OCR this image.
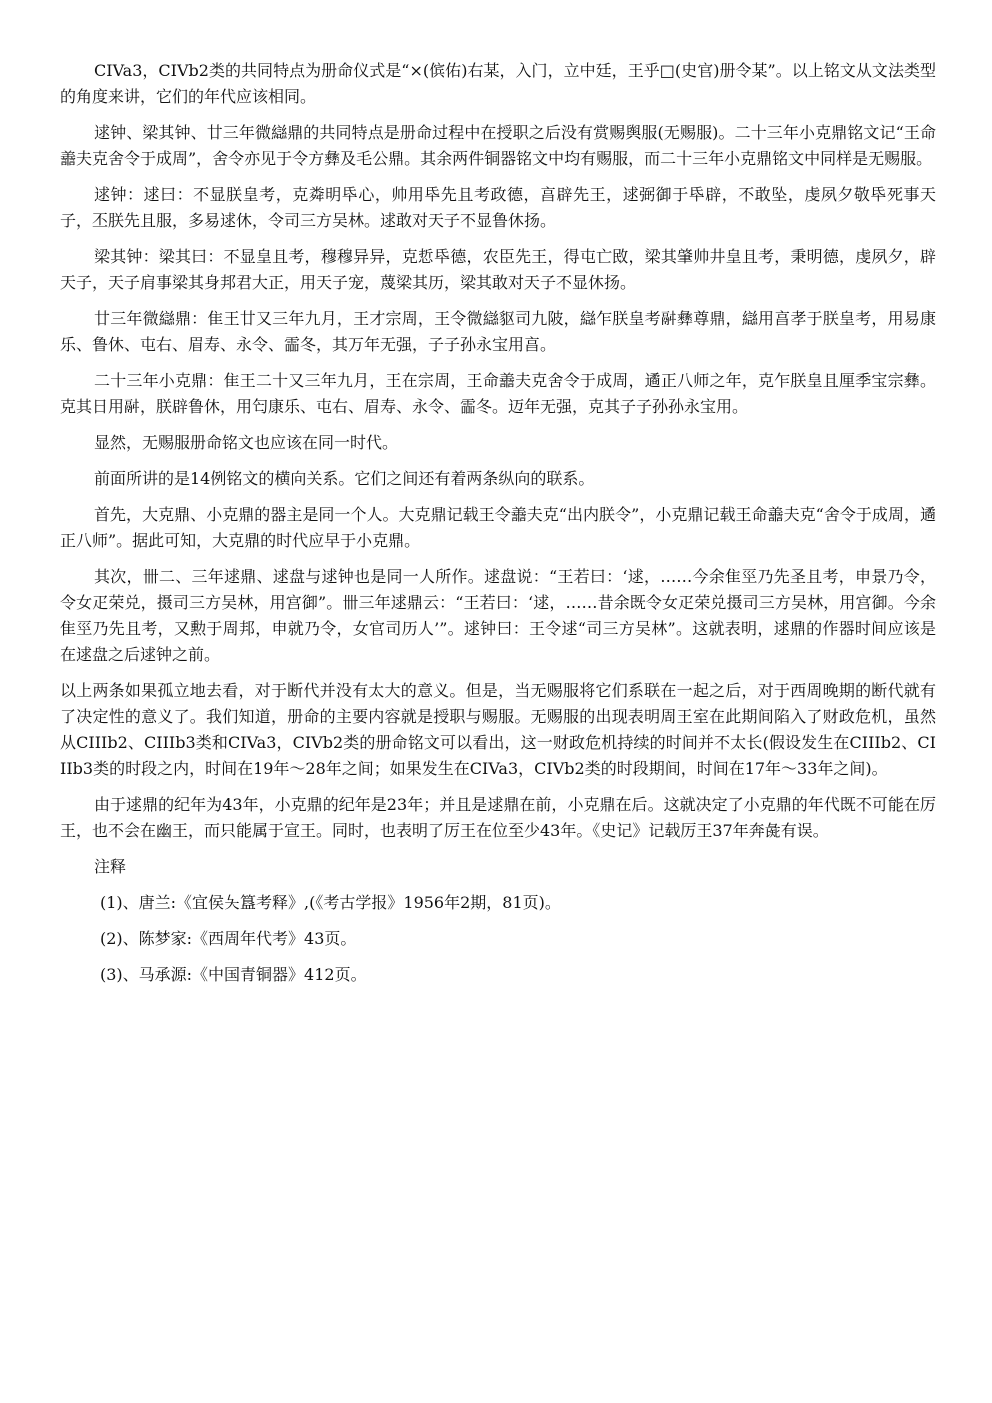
CIVa3，CIVb2类的共同特点为册命仪式是“×(傧佑)右某，入门，立中廷，王乎□(史官)册令某”。以上铭文从文法类型的角度来讲，它们的年代应该相同。

逑钟、梁其钟、廿三年微䜌鼎的共同特点是册命过程中在授职之后没有赏赐舆服(无赐服)。二十三年小克鼎铭文记“王命譱夫克舍令于成周”，舍令亦见于令方彝及毛公鼎。其余两件铜器铭文中均有赐服，而二十三年小克鼎铭文中同样是无赐服。

逑钟：逑曰：不显朕皇考，克粦明氒心，帅用氒先且考政德，亯辟先王，逑弼御于氒辟，不敢坠，虔夙夕敬氒死事天子，丕朕先且服，多易逑休，令司三方吴林。逑敢对天子不显鲁休扬。

梁其钟：梁其曰：不显皇且考，穆穆异异，克悊氒德，农臣先王，得屯亡敃，梁其肇帅井皇且考，秉明德，虔夙夕，辟天子，天子肩事梁其身邦君大正，用天子宠，蔑梁其历，梁其敢对天子不显休扬。

廿三年微䜌鼎：隹王廿又三年九月，王才宗周，王令微䜌䝙司九陂，䜌乍朕皇考𩰫彝尊鼎，䜌用亯孝于朕皇考，用易康乐、鲁休、屯右、眉寿、永令、霝冬，其万年无强，子子孙永宝用亯。

二十三年小克鼎：隹王二十又三年九月，王在宗周，王命譱夫克舍令于成周，遹正八师之年，克乍朕皇且厘季宝宗彝。克其日用𩰫，朕辟鲁休，用匄康乐、屯右、眉寿、永令、霝冬。迈年无强，克其子子孙孙永宝用。

显然，无赐服册命铭文也应该在同一时代。

前面所讲的是14例铭文的横向关系。它们之间还有着两条纵向的联系。

首先，大克鼎、小克鼎的器主是同一个人。大克鼎记载王令譱夫克“出内朕令”，小克鼎记载王命譱夫克“舍令于成周，遹正八师”。据此可知，大克鼎的时代应早于小克鼎。

其次，卌二、三年逑鼎、逑盘与逑钟也是同一人所作。逑盘说：“王若曰：‘逑，……今余隹巠乃先圣且考，申景乃令，令女疋荣兑，摄司三方吴林，用宫御”。卌三年逑鼎云：“王若曰：‘逑，……昔余既令女疋荣兑摄司三方吴林，用宫御。今余隹巠乃先且考，又勲于周邦，申就乃令，女官司历人’”。逑钟曰：王令逑“司三方吴林”。这就表明，逑鼎的作器时间应该是在逑盘之后逑钟之前。

以上两条如果孤立地去看，对于断代并没有太大的意义。但是，当无赐服将它们系联在一起之后，对于西周晚期的断代就有了决定性的意义了。我们知道，册命的主要内容就是授职与赐服。无赐服的出现表明周王室在此期间陷入了财政危机，虽然从CIIIb2、CIIIb3类和CIVa3，CIVb2类的册命铭文可以看出，这一财政危机持续的时间并不太长(假设发生在CIIIb2、CIIIb3类的时段之内，时间在19年～28年之间；如果发生在CIVa3，CIVb2类的时段期间，时间在17年～33年之间)。

由于逑鼎的纪年为43年，小克鼎的纪年是23年；并且是逑鼎在前，小克鼎在后。这就决定了小克鼎的年代既不可能在厉王，也不会在幽王，而只能属于宣王。同时，也表明了厉王在位至少43年。《史记》记载厉王37年奔彘有误。

注释
(1)、唐兰:《宜侯夨簋考释》,(《考古学报》1956年2期，81页)。
(2)、陈梦家:《西周年代考》43页。
(3)、马承源:《中国青铜器》412页。
